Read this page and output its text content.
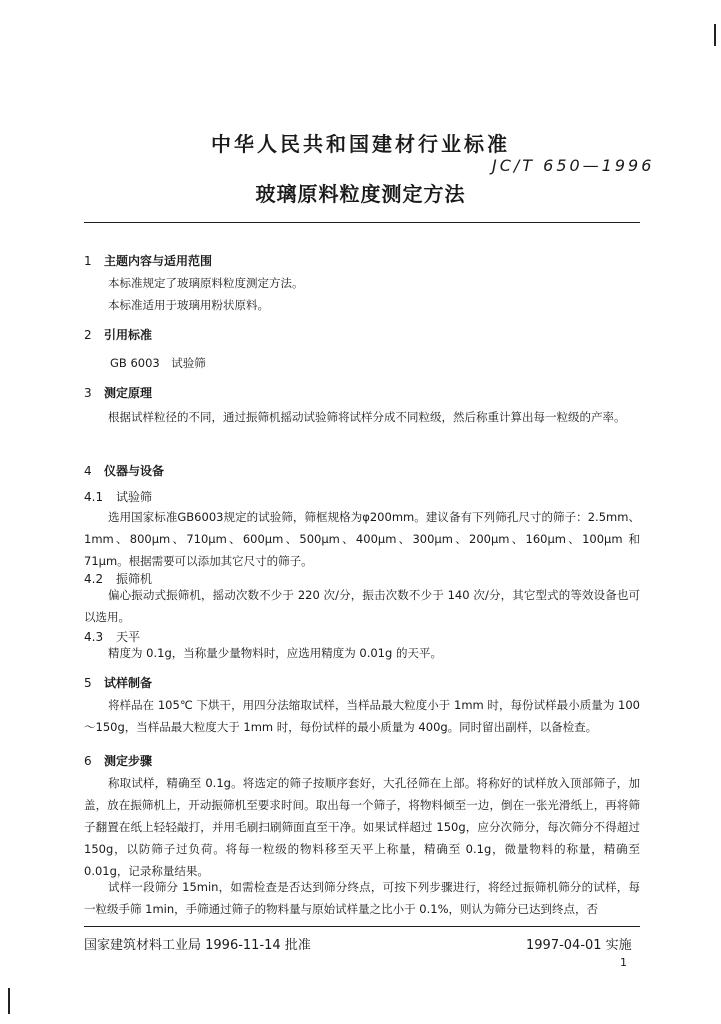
中华人民共和国建材行业标准
JC/T 650—1996
玻璃原料粒度测定方法
1 主题内容与适用范围
本标准规定了玻璃原料粒度测定方法。
本标准适用于玻璃用粉状原料。
2 引用标准
GB 6003　试验筛
3 测定原理
根据试样粒径的不同，通过振筛机摇动试验筛将试样分成不同粒级，然后称重计算出每一粒级的产率。
4 仪器与设备
4.1 试验筛
选用国家标准GB6003规定的试验筛，筛框规格为φ200mm。建议备有下列筛孔尺寸的筛子：2.5mm、1mm、800μm、710μm、600μm、500μm、400μm、300μm、200μm、160μm、100μm 和 71μm。根据需要可以添加其它尺寸的筛子。
4.2 振筛机
偏心振动式振筛机，摇动次数不少于 220 次/分，振击次数不少于 140 次/分，其它型式的等效设备也可以选用。
4.3 天平
精度为 0.1g，当称量少量物料时，应选用精度为 0.01g 的天平。
5 试样制备
将样品在 105℃ 下烘干，用四分法缩取试样，当样品最大粒度小于 1mm 时，每份试样最小质量为 100～150g，当样品最大粒度大于 1mm 时，每份试样的最小质量为 400g。同时留出副样，以备检查。
6 测定步骤
称取试样，精确至 0.1g。将选定的筛子按顺序套好，大孔径筛在上部。将称好的试样放入顶部筛子，加盖，放在振筛机上，开动振筛机至要求时间。取出每一个筛子，将物料倾至一边，倒在一张光滑纸上，再将筛子翻置在纸上轻轻敲打，并用毛刷扫刷筛面直至干净。如果试样超过 150g，应分次筛分，每次筛分不得超过 150g，以防筛子过负荷。将每一粒级的物料移至天平上称量，精确至 0.1g，微量物料的称量，精确至 0.01g，记录称量结果。
试样一段筛分 15min，如需检查是否达到筛分终点，可按下列步骤进行，将经过振筛机筛分的试样，每一粒级手筛 1min，手筛通过筛子的物料量与原始试样量之比小于 0.1%，则认为筛分已达到终点，否
国家建筑材料工业局 1996-11-14 批准	1997-04-01 实施
1
